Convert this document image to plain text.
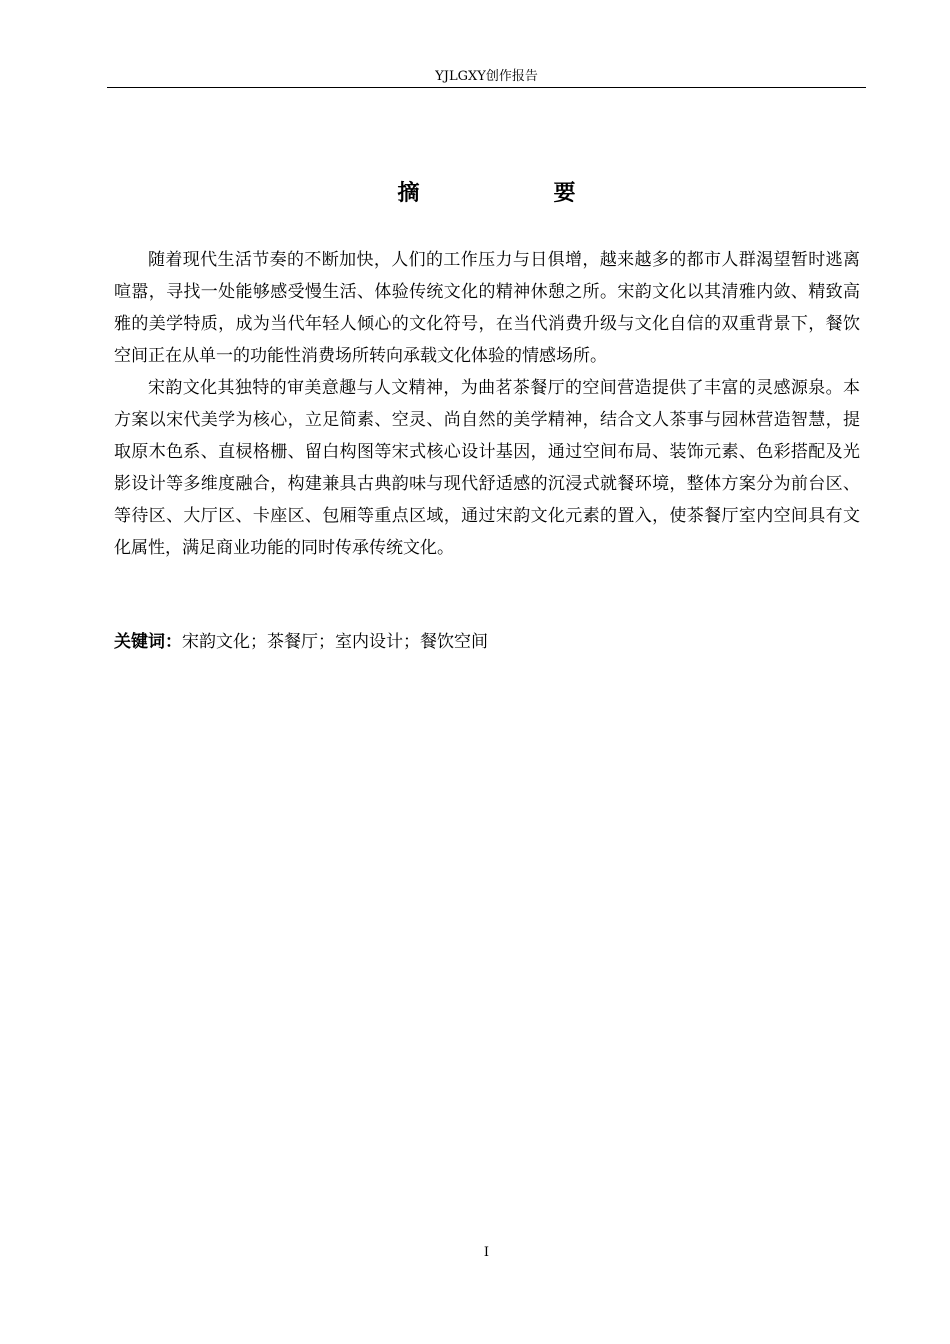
YJLGXY创作报告
摘　要

随着现代生活节奏的不断加快，人们的工作压力与日俱增，越来越多的都市人群渴望暂时逃离喧嚣，寻找一处能够感受慢生活、体验传统文化的精神休憩之所。宋韵文化以其清雅内敛、精致高雅的美学特质，成为当代年轻人倾心的文化符号，在当代消费升级与文化自信的双重背景下，餐饮空间正在从单一的功能性消费场所转向承载文化体验的情感场所。

宋韵文化其独特的审美意趣与人文精神，为曲茗茶餐厅的空间营造提供了丰富的灵感源泉。本方案以宋代美学为核心，立足简素、空灵、尚自然的美学精神，结合文人茶事与园林营造智慧，提取原木色系、直棂格栅、留白构图等宋式核心设计基因，通过空间布局、装饰元素、色彩搭配及光影设计等多维度融合，构建兼具古典韵味与现代舒适感的沉浸式就餐环境，整体方案分为前台区、等待区、大厅区、卡座区、包厢等重点区域，通过宋韵文化元素的置入，使茶餐厅室内空间具有文化属性，满足商业功能的同时传承传统文化。

关键词：宋韵文化；茶餐厅；室内设计；餐饮空间
I
